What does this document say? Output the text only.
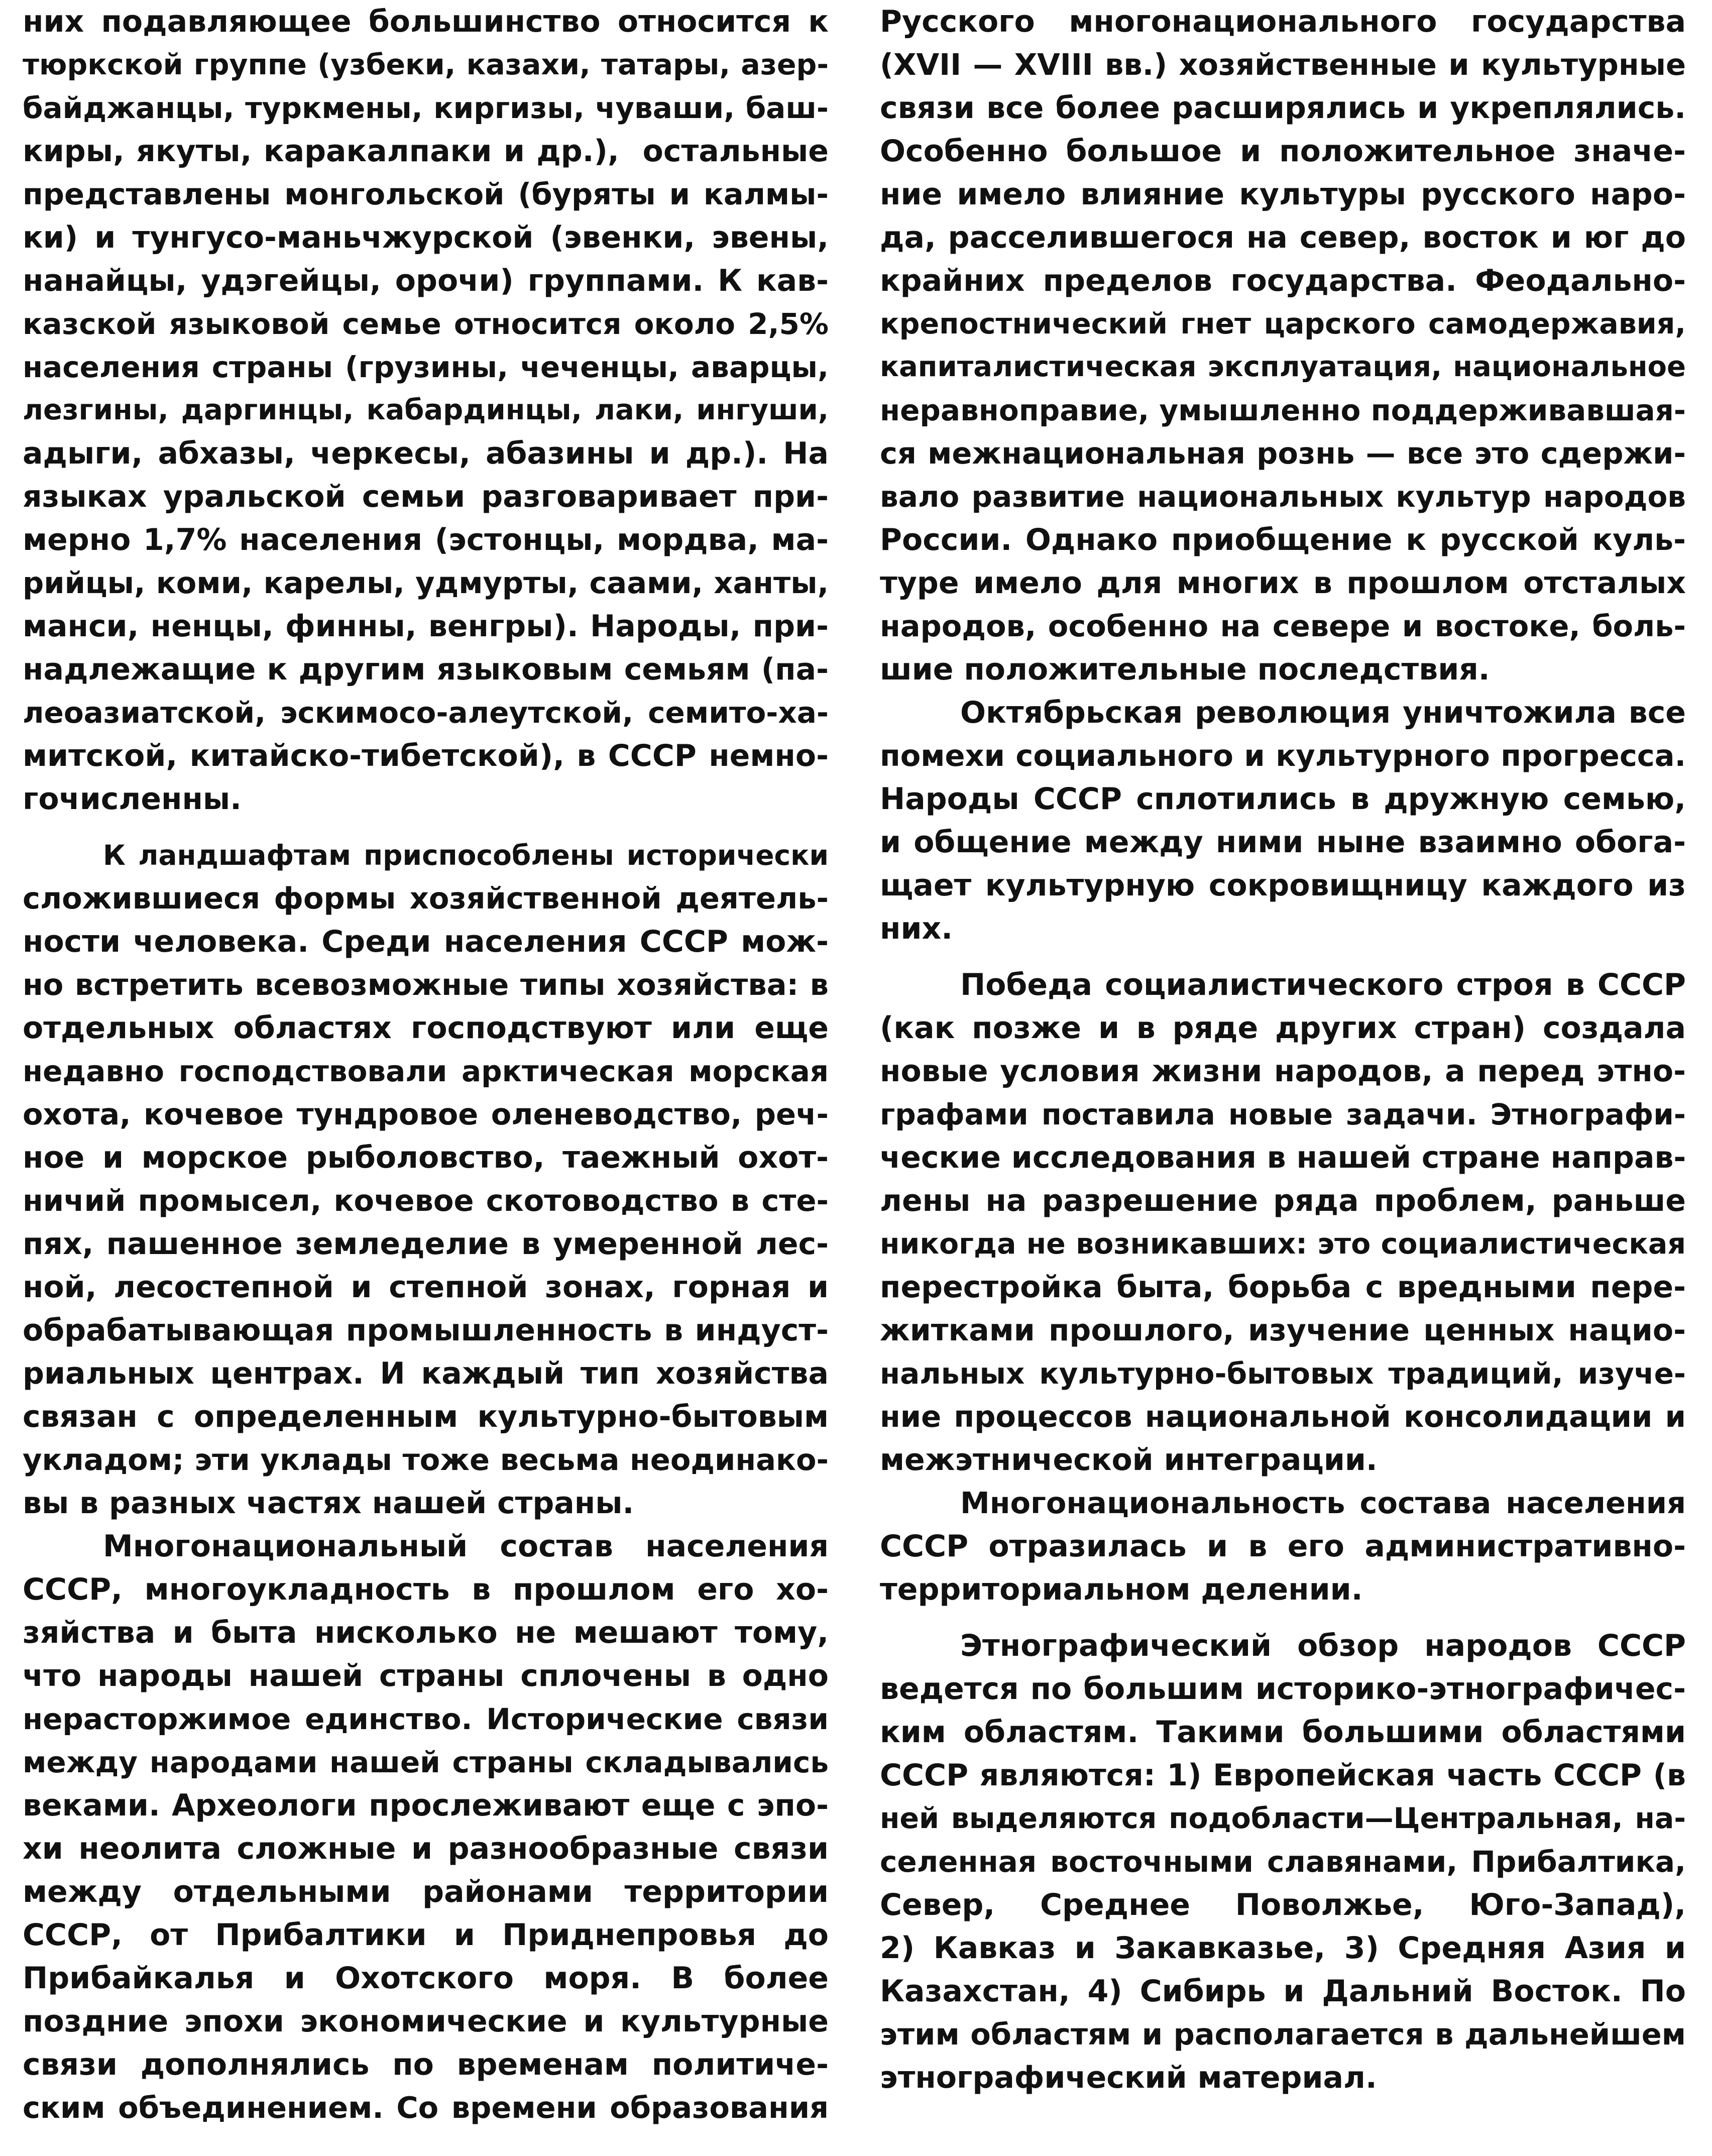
них подавляющее большинство относится к
тюркской группе (узбеки, казахи, татары, азер-
байджанцы, туркмены, киргизы, чуваши, баш-
киры, якуты, каракалпаки и др.),  остальные
представлены монгольской (буряты и калмы-
ки) и тунгусо-маньчжурской (эвенки, эвены,
нанайцы, удэгейцы, орочи) группами. К кав-
казской языковой семье относится около 2,5%
населения страны (грузины, чеченцы, аварцы,
лезгины, даргинцы, кабардинцы, лаки, ингуши,
адыги, абхазы, черкесы, абазины и др.). На
языках уральской семьи разговаривает при-
мерно 1,7% населения (эстонцы, мордва, ма-
рийцы, коми, карелы, удмурты, саами, ханты,
манси, ненцы, финны, венгры). Народы, при-
надлежащие к другим языковым семьям (па-
леоазиатской, эскимосо-алеутской, семито-ха-
митской, китайско-тибетской), в СССР немно-
гочисленны.
К ландшафтам приспособлены исторически
сложившиеся формы хозяйственной деятель-
ности человека. Среди населения СССР мож-
но встретить всевозможные типы хозяйства: в
отдельных областях господствуют или еще
недавно господствовали арктическая морская
охота, кочевое тундровое оленеводство, реч-
ное и морское рыболовство, таежный охот-
ничий промысел, кочевое скотоводство в сте-
пях, пашенное земледелие в умеренной лес-
ной, лесостепной и степной зонах, горная и
обрабатывающая промышленность в индуст-
риальных центрах. И каждый тип хозяйства
связан с определенным культурно-бытовым
укладом; эти уклады тоже весьма неодинако-
вы в разных частях нашей страны.
Многонациональный состав населения
СССР, многоукладность в прошлом его хо-
зяйства и быта нисколько не мешают тому,
что народы нашей страны сплочены в одно
нерасторжимое единство. Исторические связи
между народами нашей страны складывались
веками. Археологи прослеживают еще с эпо-
хи неолита сложные и разнообразные связи
между отдельными районами территории
СССР, от Прибалтики и Приднепровья до
Прибайкалья и Охотского моря. В более
поздние эпохи экономические и культурные
связи дополнялись по временам политиче-
ским объединением. Со времени образования
Русского многонационального государства
(XVII — XVIII вв.) хозяйственные и культурные
связи все более расширялись и укреплялись.
Особенно большое и положительное значе-
ние имело влияние культуры русского наро-
да, расселившегося на север, восток и юг до
крайних пределов государства. Феодально-
крепостнический гнет царского самодержавия,
капиталистическая эксплуатация, национальное
неравноправие, умышленно поддерживавшая-
ся межнациональная рознь — все это сдержи-
вало развитие национальных культур народов
России. Однако приобщение к русской куль-
туре имело для многих в прошлом отсталых
народов, особенно на севере и востоке, боль-
шие положительные последствия.
Октябрьская революция уничтожила все
помехи социального и культурного прогресса.
Народы СССР сплотились в дружную семью,
и общение между ними ныне взаимно обога-
щает культурную сокровищницу каждого из
них.
Победа социалистического строя в СССР
(как позже и в ряде других стран) создала
новые условия жизни народов, а перед этно-
графами поставила новые задачи. Этнографи-
ческие исследования в нашей стране направ-
лены на разрешение ряда проблем, раньше
никогда не возникавших: это социалистическая
перестройка быта, борьба с вредными пере-
житками прошлого, изучение ценных нацио-
нальных культурно-бытовых традиций, изуче-
ние процессов национальной консолидации и
межэтнической интеграции.
Многонациональность состава населения
СССР отразилась и в его административно-
территориальном делении.
Этнографический обзор народов СССР
ведется по большим историко-этнографичес-
ким областям. Такими большими областями
СССР являются: 1) Европейская часть СССР (в
ней выделяются подобласти—Центральная, на-
селенная восточными славянами, Прибалтика,
Север, Среднее Поволжье, Юго-Запад),
2) Кавказ и Закавказье, 3) Средняя Азия и
Казахстан, 4) Сибирь и Дальний Восток. По
этим областям и располагается в дальнейшем
этнографический материал.
